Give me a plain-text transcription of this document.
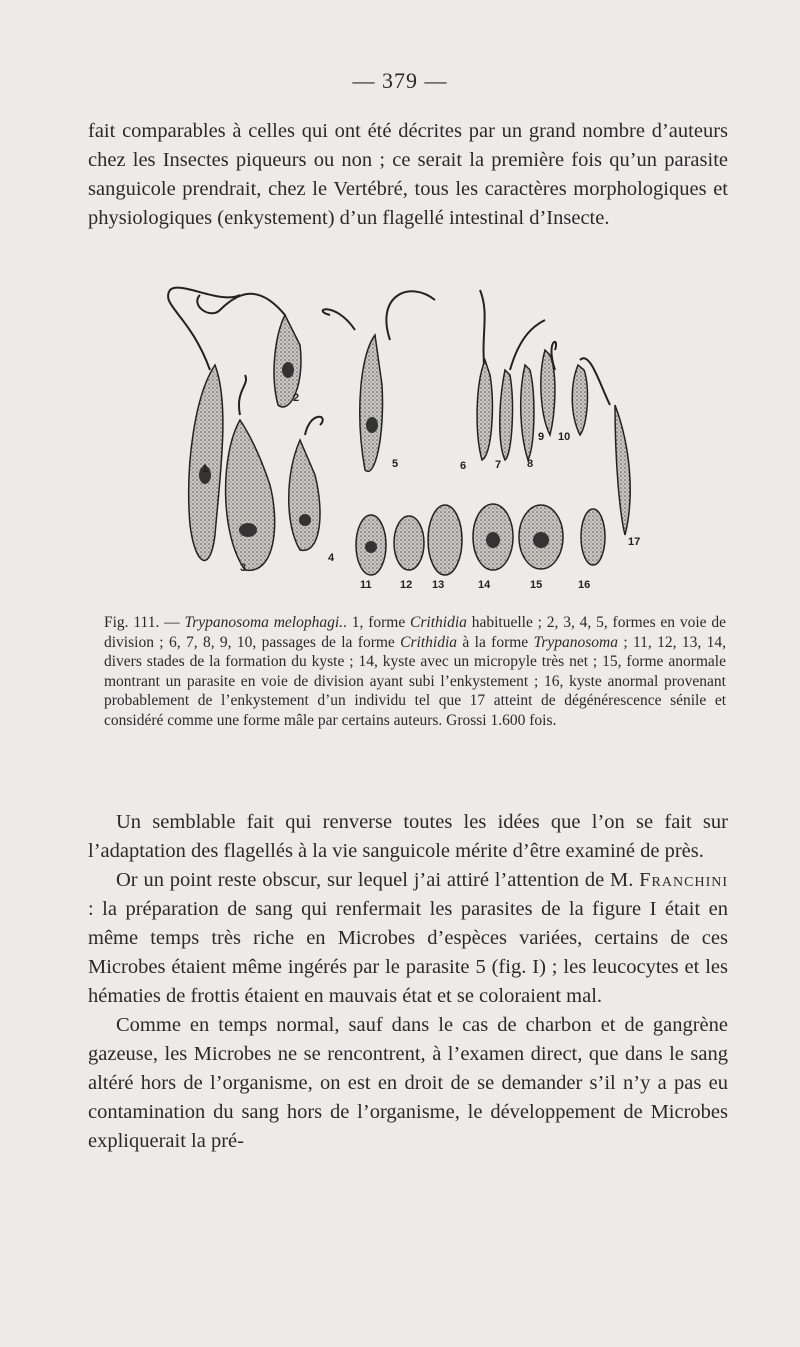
— 379 —

fait comparables à celles qui ont été décrites par un grand nombre d’auteurs chez les Insectes piqueurs ou non ; ce serait la première fois qu’un parasite sanguicole prendrait, chez le Vertébré, tous les caractères morphologiques et physiologiques (enkystement) d’un flagellé intestinal d’Insecte.

1
2
3
4
5	6	7 8
9 10
11	12 13	14	15	16
17
Fig. 111. — Trypanosoma melophagi.. 1, forme Crithidia habituelle ; 2, 3, 4, 5, formes en voie de division ; 6, 7, 8, 9, 10, passages de la forme Crithidia à la forme Trypanosoma ; 11, 12, 13, 14, divers stades de la formation du kyste ; 14, kyste avec un micropyle très net ; 15, forme anormale montrant un parasite en voie de division ayant subi l’enkystement ; 16, kyste anormal provenant probablement de l’enkystement d’un individu tel que 17 atteint de dégénérescence sénile et considéré comme une forme mâle par certains auteurs. Grossi 1.600 fois.

Un semblable fait qui renverse toutes les idées que l’on se fait sur l’adaptation des flagellés à la vie sanguicole mérite d’être examiné de près.

Or un point reste obscur, sur lequel j’ai attiré l’attention de M. Franchini : la préparation de sang qui renfermait les parasites de la figure I était en même temps très riche en Microbes d’espèces variées, certains de ces Microbes étaient même ingérés par le parasite 5 (fig. I) ; les leucocytes et les hématies de frottis étaient en mauvais état et se coloraient mal.

Comme en temps normal, sauf dans le cas de charbon et de gangrène gazeuse, les Microbes ne se rencontrent, à l’examen direct, que dans le sang altéré hors de l’organisme, on est en droit de se demander s’il n’y a pas eu contamination du sang hors de l’organisme, le développement de Microbes expliquerait la pré-
